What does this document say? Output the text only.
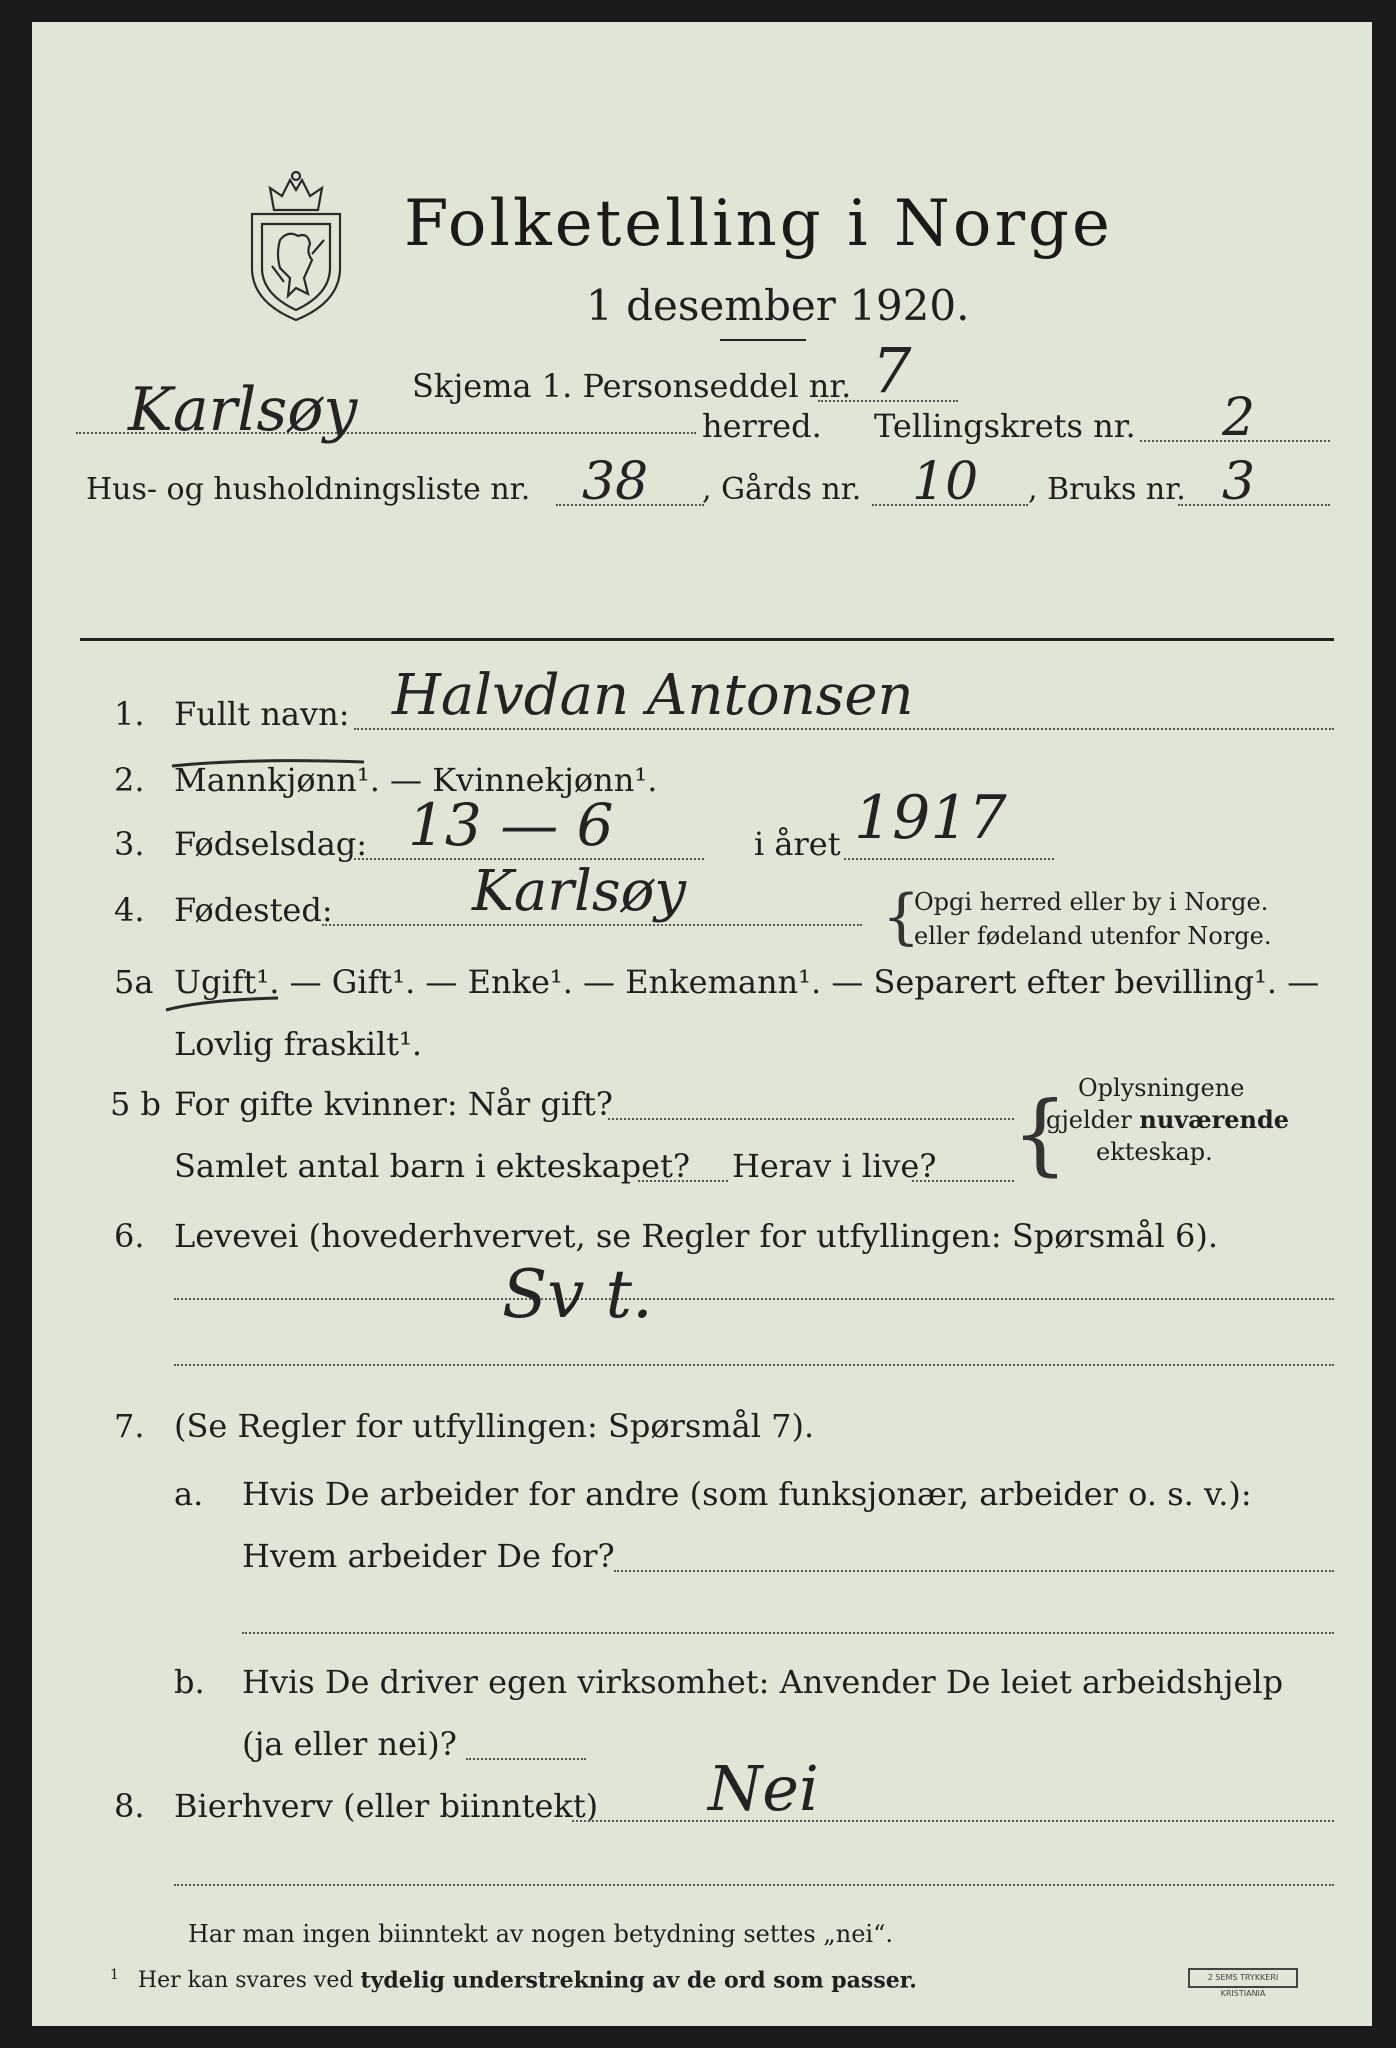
Folketelling i Norge
1 desember 1920.
Skjema 1. Personseddel nr. 7
Karlsøy	herred. Tellingskrets nr. 2
Hus- og husholdningsliste nr. 38 , Gårds nr. 10 , Bruks nr. 3
1. Fullt navn: Halvdan Antonsen
2. Mannkjønn¹. — Kvinnekjønn¹.
3. Fødselsdag: 13 — 6	i året 1917
4. Fødested: Karlsøy	{
Opgi herred eller by i Norge.
eller fødeland utenfor Norge.
5a Ugift¹. — Gift¹. — Enke¹. — Enkemann¹. — Separert efter bevilling¹. —
Lovlig fraskilt¹.
5 b For gifte kvinner: Når gift?
Samlet antal barn i ekteskapet? Herav i live? { Oplysningene
gjelder nuværende
ekteskap.
6. Levevei (hovederhvervet, se Regler for utfyllingen: Spørsmål 6).
Sv t.
7. (Se Regler for utfyllingen: Spørsmål 7).
a. Hvis De arbeider for andre (som funksjonær, arbeider o. s. v.):
Hvem arbeider De for?
b. Hvis De driver egen virksomhet: Anvender De leiet arbeidshjelp
(ja eller nei)?
8. Bierhverv (eller biinntekt) Nei
Har man ingen biinntekt av nogen betydning settes „nei“.
$^1$ Her kan svares ved tydelig understrekning av de ord som passer.	2 SEMS TRYKKERI KRISTIANIA
